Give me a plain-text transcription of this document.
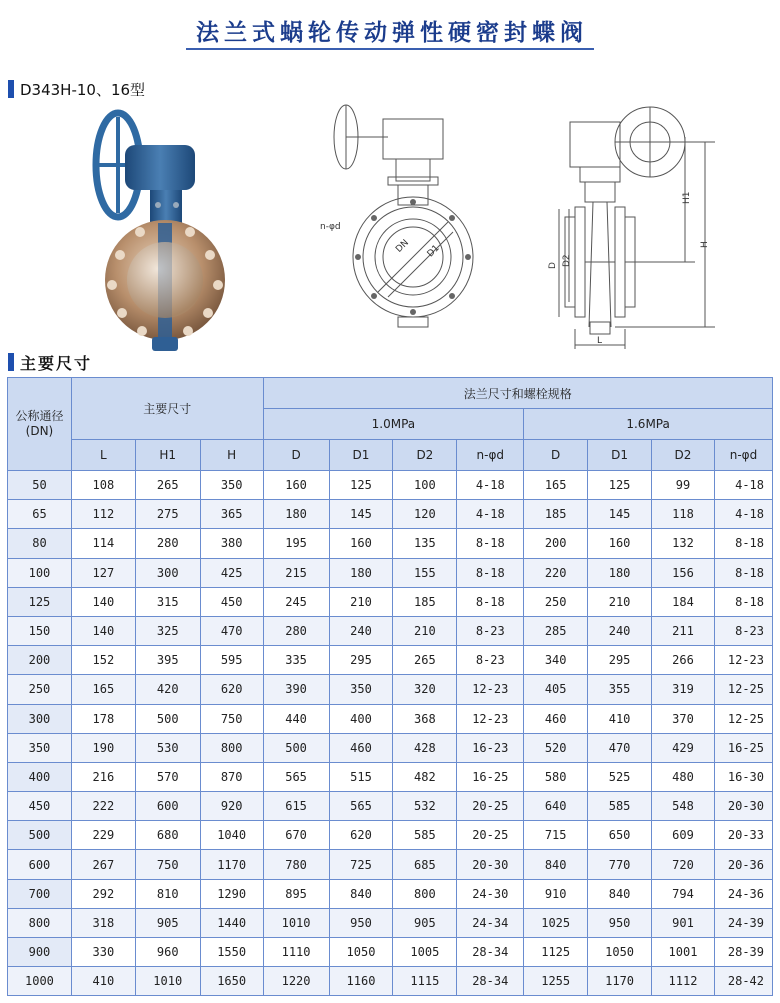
法兰式蜗轮传动弹性硬密封蝶阀
D343H-10、16型
n-φd
DN D1
D D2
H1
H
L
主要尺寸
公称通径
(DN)	主要尺寸			法兰尺寸和螺栓规格							
				1.0MPa				1.6MPa			
	L	H1	H	D	D1	D2	n-φd	D	D1	D2	n-φd
50	108	265	350	160	125	100	4-18	165	125	99	4-18
65	112	275	365	180	145	120	4-18	185	145	118	4-18
80	114	280	380	195	160	135	8-18	200	160	132	8-18
100	127	300	425	215	180	155	8-18	220	180	156	8-18
125	140	315	450	245	210	185	8-18	250	210	184	8-18
150	140	325	470	280	240	210	8-23	285	240	211	8-23
200	152	395	595	335	295	265	8-23	340	295	266	12-23
250	165	420	620	390	350	320	12-23	405	355	319	12-25
300	178	500	750	440	400	368	12-23	460	410	370	12-25
350	190	530	800	500	460	428	16-23	520	470	429	16-25
400	216	570	870	565	515	482	16-25	580	525	480	16-30
450	222	600	920	615	565	532	20-25	640	585	548	20-30
500	229	680	1040	670	620	585	20-25	715	650	609	20-33
600	267	750	1170	780	725	685	20-30	840	770	720	20-36
700	292	810	1290	895	840	800	24-30	910	840	794	24-36
800	318	905	1440	1010	950	905	24-34	1025	950	901	24-39
900	330	960	1550	1110	1050	1005	28-34	1125	1050	1001	28-39
1000	410	1010	1650	1220	1160	1115	28-34	1255	1170	1112	28-42
